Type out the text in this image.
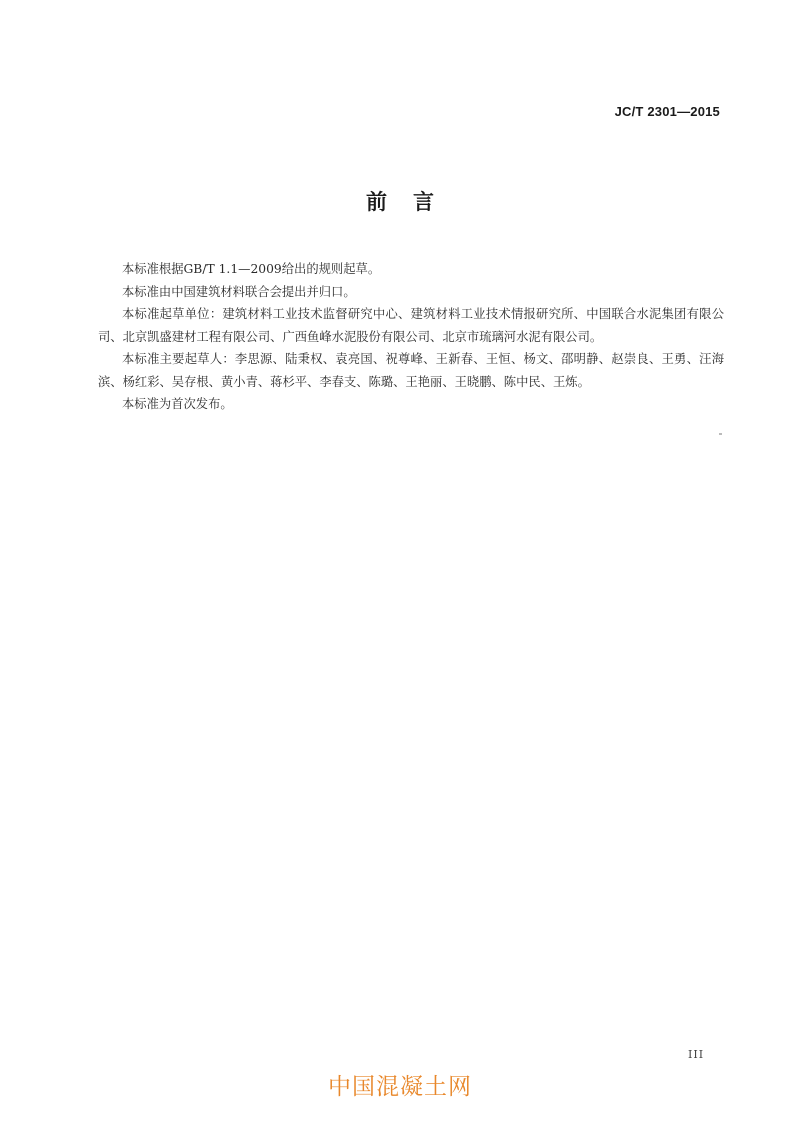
JC/T 2301—2015
前言

本标准根据GB/T 1.1—2009给出的规则起草。

本标准由中国建筑材料联合会提出并归口。

本标准起草单位：建筑材料工业技术监督研究中心、建筑材料工业技术情报研究所、中国联合水泥集团有限公司、北京凯盛建材工程有限公司、广西鱼峰水泥股份有限公司、北京市琉璃河水泥有限公司。

本标准主要起草人：李思源、陆秉权、袁亮国、祝尊峰、王新春、王恒、杨文、邵明静、赵崇良、王勇、汪海滨、杨红彩、吴存根、黄小青、蒋杉平、李春支、陈璐、王艳丽、王晓鹏、陈中民、王炼。

本标准为首次发布。

III
中国混凝土网
